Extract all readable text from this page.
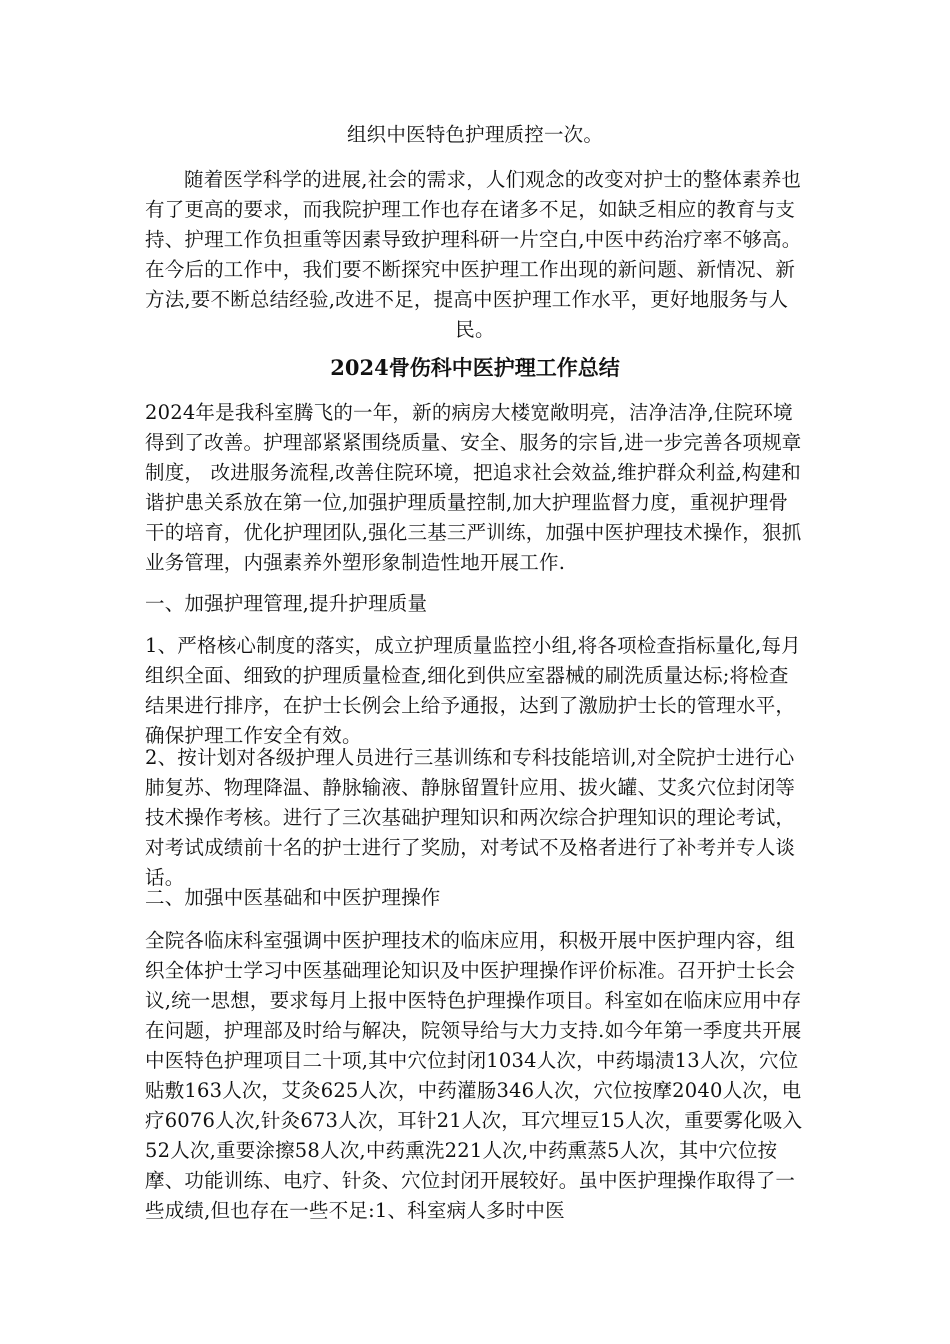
组织中医特色护理质控一次。

随着医学科学的进展,社会的需求，人们观念的改变对护士的整体素养也有了更高的要求，而我院护理工作也存在诸多不足，如缺乏相应的教育与支持、护理工作负担重等因素导致护理科研一片空白,中医中药治疗率不够高。在今后的工作中，我们要不断探究中医护理工作出现的新问题、新情况、新方法,要不断总结经验,改进不足，提高中医护理工作水平，更好地服务与人民。

2024骨伤科中医护理工作总结

2024年是我科室腾飞的一年，新的病房大楼宽敞明亮，洁净洁净,住院环境得到了改善。护理部紧紧围绕质量、安全、服务的宗旨,进一步完善各项规章制度， 改进服务流程,改善住院环境，把追求社会效益,维护群众利益,构建和谐护患关系放在第一位,加强护理质量控制,加大护理监督力度，重视护理骨干的培育，优化护理团队,强化三基三严训练，加强中医护理技术操作，狠抓业务管理，内强素养外塑形象制造性地开展工作.

一、加强护理管理,提升护理质量

1、严格核心制度的落实，成立护理质量监控小组,将各项检查指标量化,每月组织全面、细致的护理质量检查,细化到供应室器械的刷洗质量达标;将检查结果进行排序，在护士长例会上给予通报，达到了激励护士长的管理水平，确保护理工作安全有效。

2、按计划对各级护理人员进行三基训练和专科技能培训,对全院护士进行心肺复苏、物理降温、静脉输液、静脉留置针应用、拔火罐、艾炙穴位封闭等技术操作考核。进行了三次基础护理知识和两次综合护理知识的理论考试，对考试成绩前十名的护士进行了奖励，对考试不及格者进行了补考并专人谈话。

二、加强中医基础和中医护理操作

全院各临床科室强调中医护理技术的临床应用，积极开展中医护理内容，组织全体护士学习中医基础理论知识及中医护理操作评价标准。召开护士长会议,统一思想，要求每月上报中医特色护理操作项目。科室如在临床应用中存在问题，护理部及时给与解决，院领导给与大力支持.如今年第一季度共开展中医特色护理项目二十项,其中穴位封闭1034人次，中药塌渍13人次，穴位贴敷163人次，艾灸625人次，中药灌肠346人次，穴位按摩2040人次，电疗6076人次,针灸673人次，耳针21人次，耳穴埋豆15人次，重要雾化吸入52人次,重要涂擦58人次,中药熏洗221人次,中药熏蒸5人次，其中穴位按摩、功能训练、电疗、针灸、穴位封闭开展较好。虽中医护理操作取得了一些成绩,但也存在一些不足:1、科室病人多时中医
